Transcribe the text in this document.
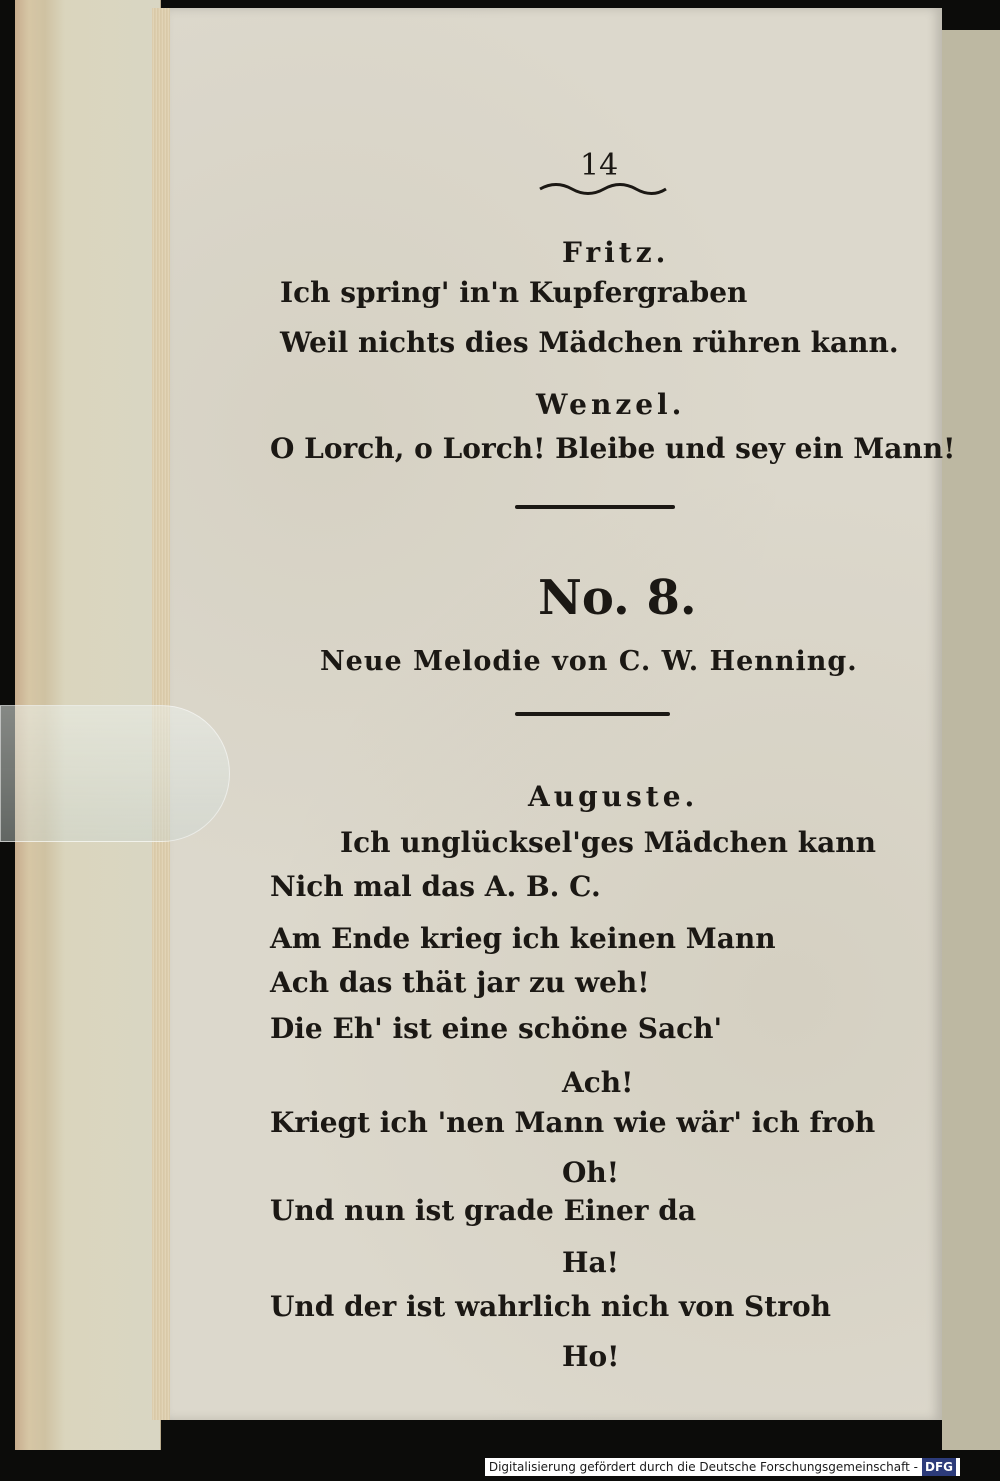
14
Fritz.
Ich spring' in'n Kupfergraben
Weil nichts dies Mädchen rühren kann.
Wenzel.
O Lorch, o Lorch! Bleibe und sey ein Mann!
No. 8.
Neue Melodie von C. W. Henning.
Auguste.
Ich unglücksel'ges Mädchen kann
Nich mal das A. B. C.
Am Ende krieg ich keinen Mann
Ach das thät jar zu weh!
Die Eh' ist eine schöne Sach'
Ach!
Kriegt ich 'nen Mann wie wär' ich froh
Oh!
Und nun ist grade Einer da
Ha!
Und der ist wahrlich nich von Stroh
Ho!
Digitalisierung gefördert durch die Deutsche Forschungsgemeinschaft - DFG
